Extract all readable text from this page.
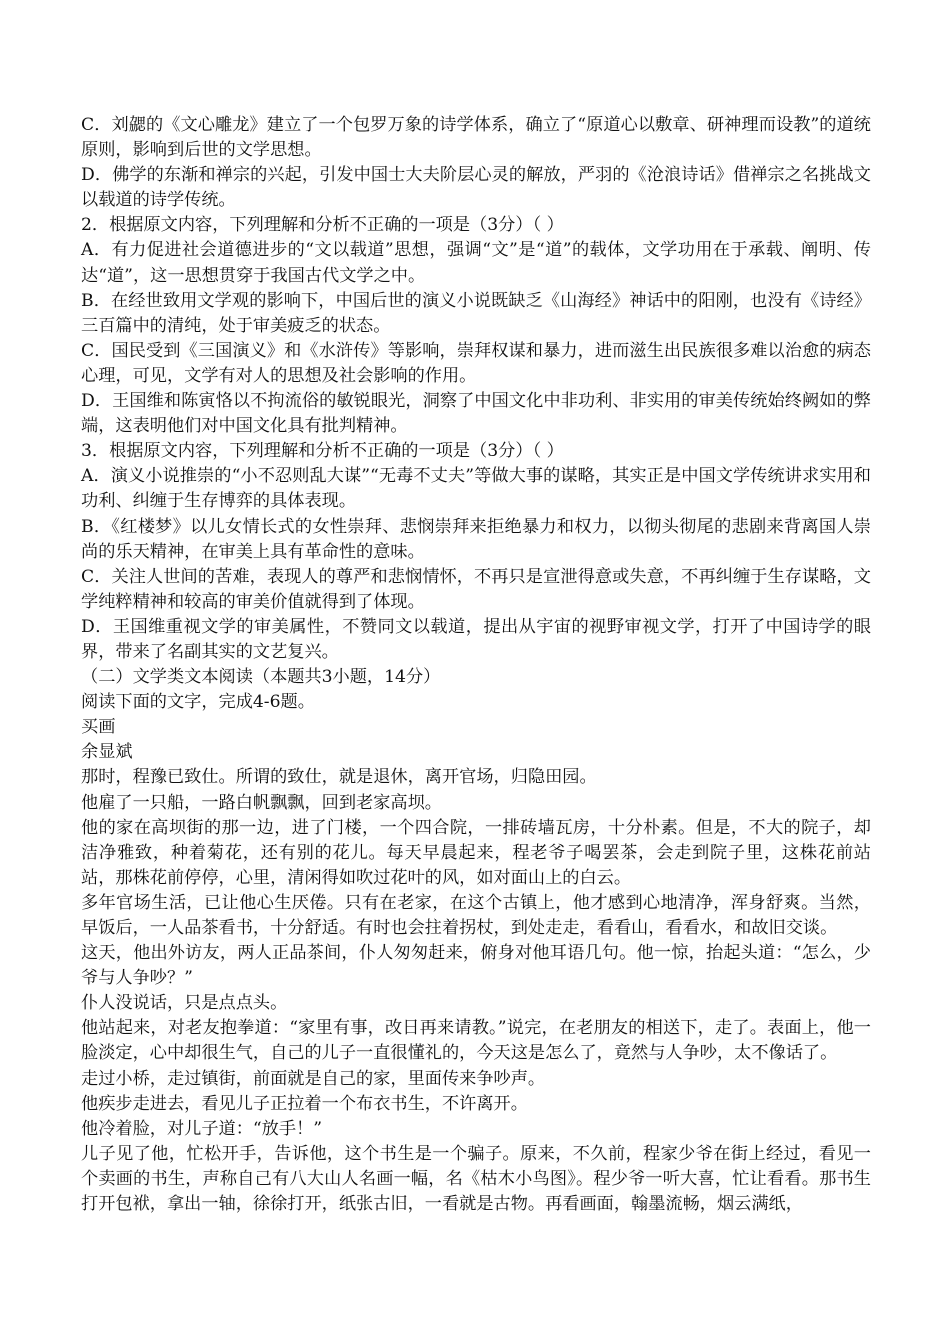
C．刘勰的《文心雕龙》建立了一个包罗万象的诗学体系，确立了“原道心以敷章、研神理而设教”的道统原则，影响到后世的文学思想。
D．佛学的东渐和禅宗的兴起，引发中国士大夫阶层心灵的解放，严羽的《沧浪诗话》借禅宗之名挑战文以载道的诗学传统。
2．根据原文内容，下列理解和分析不正确的一项是（3分）（ ）
A．有力促进社会道德进步的“文以载道”思想，强调“文”是“道”的载体，文学功用在于承载、阐明、传达“道”，这一思想贯穿于我国古代文学之中。
B．在经世致用文学观的影响下，中国后世的演义小说既缺乏《山海经》神话中的阳刚，也没有《诗经》三百篇中的清纯，处于审美疲乏的状态。
C．国民受到《三国演义》和《水浒传》等影响，崇拜权谋和暴力，进而滋生出民族很多难以治愈的病态心理，可见，文学有对人的思想及社会影响的作用。
D．王国维和陈寅恪以不拘流俗的敏锐眼光，洞察了中国文化中非功利、非实用的审美传统始终阙如的弊端，这表明他们对中国文化具有批判精神。
3．根据原文内容，下列理解和分析不正确的一项是（3分）（ ）
A．演义小说推崇的“小不忍则乱大谋”“无毒不丈夫”等做大事的谋略，其实正是中国文学传统讲求实用和功利、纠缠于生存博弈的具体表现。
B．《红楼梦》以儿女情长式的女性崇拜、悲悯崇拜来拒绝暴力和权力，以彻头彻尾的悲剧来背离国人崇尚的乐天精神，在审美上具有革命性的意味。
C．关注人世间的苦难，表现人的尊严和悲悯情怀，不再只是宣泄得意或失意，不再纠缠于生存谋略，文学纯粹精神和较高的审美价值就得到了体现。
D．王国维重视文学的审美属性，不赞同文以载道，提出从宇宙的视野审视文学，打开了中国诗学的眼界，带来了名副其实的文艺复兴。
（二）文学类文本阅读（本题共3小题，14分）
阅读下面的文字，完成4-6题。
买画
余显斌
那时，程豫已致仕。所谓的致仕，就是退休，离开官场，归隐田园。
他雇了一只船，一路白帆飘飘，回到老家高坝。
他的家在高坝街的那一边，进了门楼，一个四合院，一排砖墙瓦房，十分朴素。但是，不大的院子，却洁净雅致，种着菊花，还有别的花儿。每天早晨起来，程老爷子喝罢茶，会走到院子里，这株花前站站，那株花前停停，心里，清闲得如吹过花叶的风，如对面山上的白云。
多年官场生活，已让他心生厌倦。只有在老家，在这个古镇上，他才感到心地清净，浑身舒爽。当然，早饭后，一人品茶看书，十分舒适。有时也会拄着拐杖，到处走走，看看山，看看水，和故旧交谈。
这天，他出外访友，两人正品茶间，仆人匆匆赶来，俯身对他耳语几句。他一惊，抬起头道：“怎么，少爷与人争吵？”
仆人没说话，只是点点头。
他站起来，对老友抱拳道：“家里有事，改日再来请教。”说完，在老朋友的相送下，走了。表面上，他一脸淡定，心中却很生气，自己的儿子一直很懂礼的，今天这是怎么了，竟然与人争吵，太不像话了。
走过小桥，走过镇街，前面就是自己的家，里面传来争吵声。
他疾步走进去，看见儿子正拉着一个布衣书生，不许离开。
他冷着脸，对儿子道：“放手！”
儿子见了他，忙松开手，告诉他，这个书生是一个骗子。原来，不久前，程家少爷在街上经过，看见一个卖画的书生，声称自己有八大山人名画一幅，名《枯木小鸟图》。程少爷一听大喜，忙让看看。那书生打开包袱，拿出一轴，徐徐打开，纸张古旧，一看就是古物。再看画面，翰墨流畅，烟云满纸，
